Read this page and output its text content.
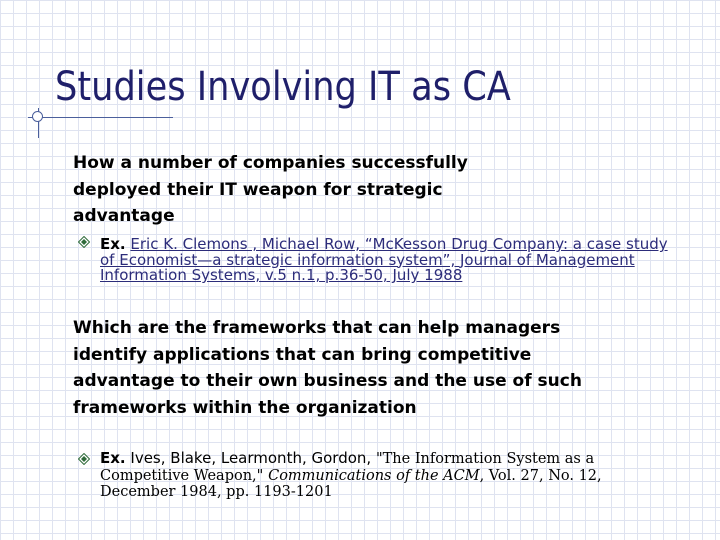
Studies Involving IT as CA

How a number of companies successfully deployed their IT weapon for strategic advantage

Ex. Eric K. Clemons , Michael Row, “McKesson Drug Company: a case study of Economist—a strategic information system”, Journal of Management Information Systems, v.5 n.1, p.36-50, July 1988

Which are the frameworks that can help managers identify applications that can bring competitive advantage to their own business and the use of such frameworks within the organization

Ex. Ives, Blake, Learmonth, Gordon, "The Information System as a Competitive Weapon," Communications of the ACM, Vol. 27, No. 12, December 1984, pp. 1193-1201
